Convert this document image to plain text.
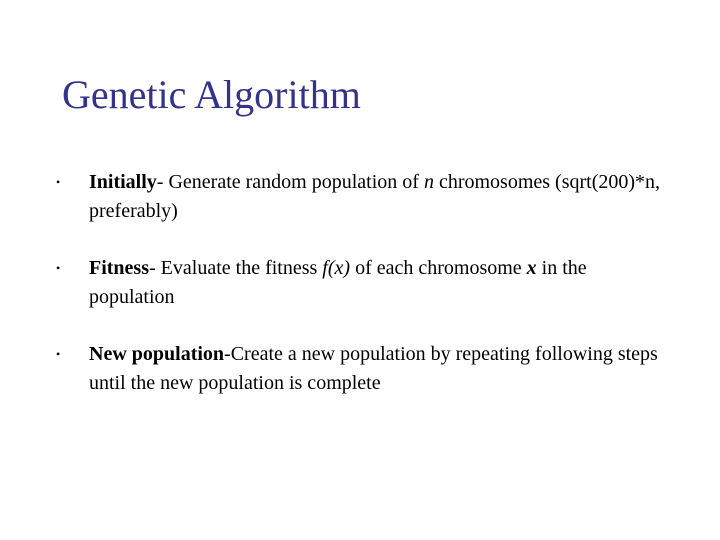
Genetic Algorithm
• Initially- Generate random population of n chromosomes (sqrt(200)*n, preferably)
• Fitness- Evaluate the fitness f(x) of each chromosome x in the population
• New population-Create a new population by repeating following steps until the new population is complete
